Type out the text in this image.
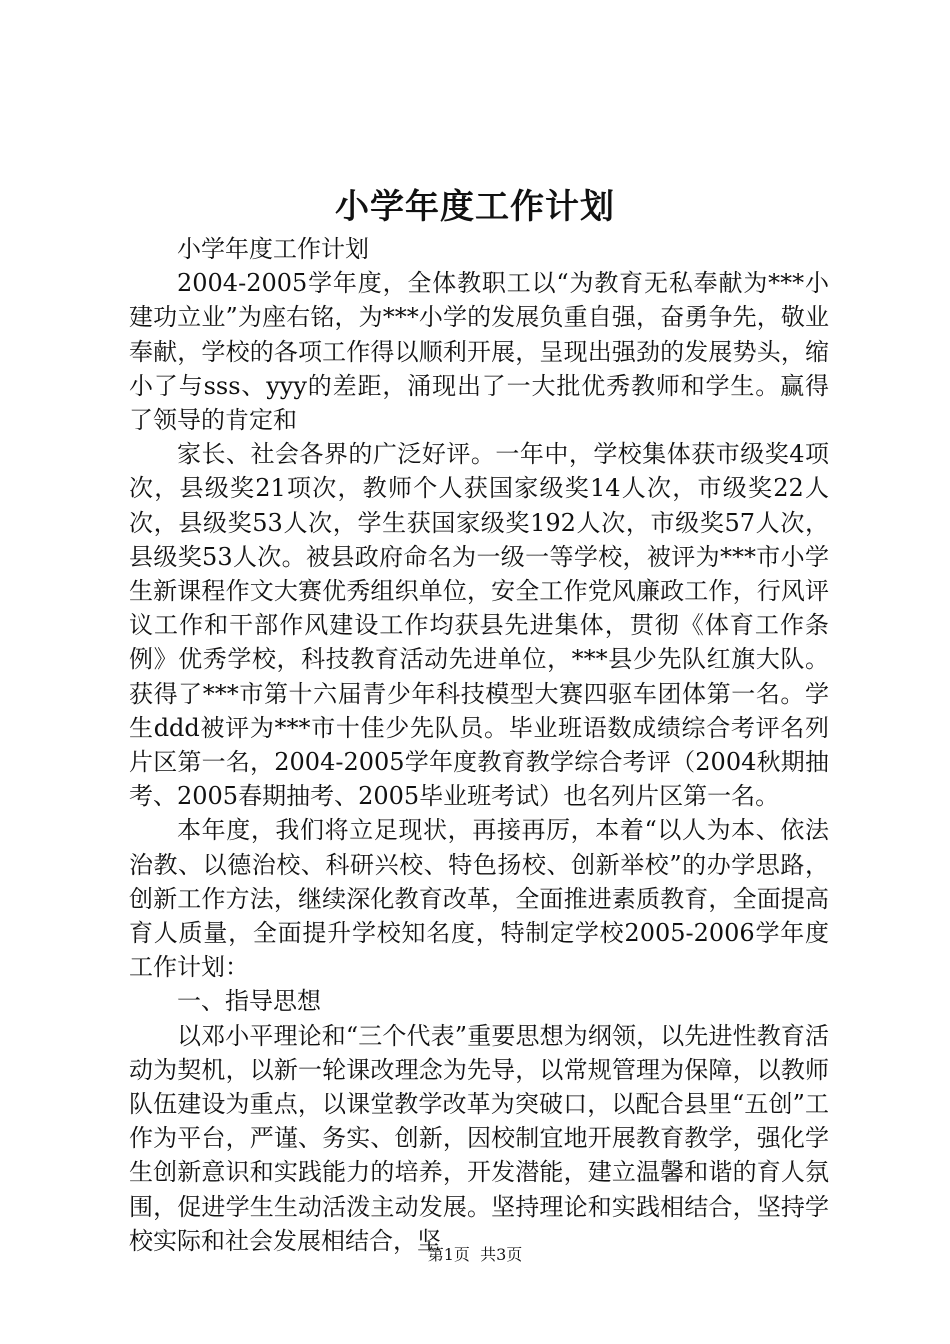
小学年度工作计划

小学年度工作计划

2004-2005学年度，全体教职工以“为教育无私奉献为***小建功立业”为座右铭，为***小学的发展负重自强，奋勇争先，敬业奉献，学校的各项工作得以顺利开展，呈现出强劲的发展势头，缩小了与sss、yyy的差距，涌现出了一大批优秀教师和学生。赢得了领导的肯定和

家长、社会各界的广泛好评。一年中，学校集体获市级奖4项次，县级奖21项次，教师个人获国家级奖14人次，市级奖22人次，县级奖53人次，学生获国家级奖192人次，市级奖57人次，县级奖53人次。被县政府命名为一级一等学校，被评为***市小学生新课程作文大赛优秀组织单位，安全工作党风廉政工作，行风评议工作和干部作风建设工作均获县先进集体，贯彻《体育工作条例》优秀学校，科技教育活动先进单位，***县少先队红旗大队。获得了***市第十六届青少年科技模型大赛四驱车团体第一名。学生ddd被评为***市十佳少先队员。毕业班语数成绩综合考评名列片区第一名，2004-2005学年度教育教学综合考评（2004秋期抽考、2005春期抽考、2005毕业班考试）也名列片区第一名。

本年度，我们将立足现状，再接再厉，本着“以人为本、依法治教、以德治校、科研兴校、特色扬校、创新举校”的办学思路，创新工作方法，继续深化教育改革，全面推进素质教育，全面提高育人质量，全面提升学校知名度，特制定学校2005-2006学年度工作计划：

一、指导思想

以邓小平理论和“三个代表”重要思想为纲领，以先进性教育活动为契机，以新一轮课改理念为先导，以常规管理为保障，以教师队伍建设为重点，以课堂教学改革为突破口，以配合县里“五创”工作为平台，严谨、务实、创新，因校制宜地开展教育教学，强化学生创新意识和实践能力的培养，开发潜能，建立温馨和谐的育人氛围，促进学生生动活泼主动发展。坚持理论和实践相结合，坚持学校实际和社会发展相结合，坚

第1页 共3页
